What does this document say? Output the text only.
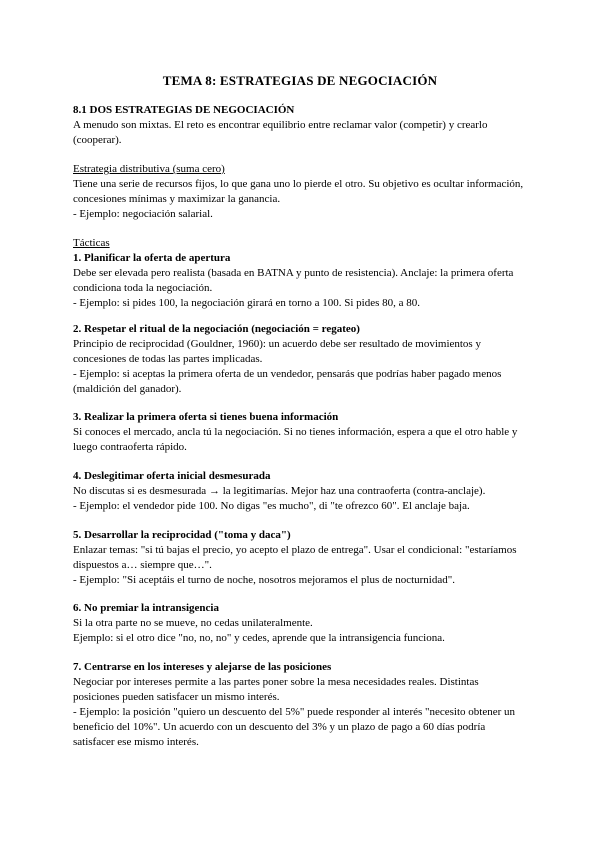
TEMA 8: ESTRATEGIAS DE NEGOCIACIÓN
8.1 DOS ESTRATEGIAS DE NEGOCIACIÓN
A menudo son mixtas. El reto es encontrar equilibrio entre reclamar valor (competir) y crearlo
(cooperar).
Estrategia distributiva (suma cero)
Tiene una serie de recursos fijos, lo que gana uno lo pierde el otro. Su objetivo es ocultar información,
concesiones mínimas y maximizar la ganancia.
- Ejemplo: negociación salarial.
Tácticas
1. Planificar la oferta de apertura
Debe ser elevada pero realista (basada en BATNA y punto de resistencia). Anclaje: la primera oferta
condiciona toda la negociación.
- Ejemplo: si pides 100, la negociación girará en torno a 100. Si pides 80, a 80.
2. Respetar el ritual de la negociación (negociación = regateo)
Principio de reciprocidad (Gouldner, 1960): un acuerdo debe ser resultado de movimientos y
concesiones de todas las partes implicadas.
- Ejemplo: si aceptas la primera oferta de un vendedor, pensarás que podrías haber pagado menos
(maldición del ganador).
3. Realizar la primera oferta si tienes buena información
Si conoces el mercado, ancla tú la negociación. Si no tienes información, espera a que el otro hable y
luego contraoferta rápido.
4. Deslegitimar oferta inicial desmesurada
No discutas si es desmesurada → la legitimarías. Mejor haz una contraoferta (contra-anclaje).
- Ejemplo: el vendedor pide 100. No digas "es mucho", di "te ofrezco 60". El anclaje baja.
5. Desarrollar la reciprocidad ("toma y daca")
Enlazar temas: "si tú bajas el precio, yo acepto el plazo de entrega". Usar el condicional: "estaríamos
dispuestos a… siempre que…".
- Ejemplo: "Si aceptáis el turno de noche, nosotros mejoramos el plus de nocturnidad".
6. No premiar la intransigencia
Si la otra parte no se mueve, no cedas unilateralmente.
Ejemplo: si el otro dice "no, no, no" y cedes, aprende que la intransigencia funciona.
7. Centrarse en los intereses y alejarse de las posiciones
Negociar por intereses permite a las partes poner sobre la mesa necesidades reales. Distintas
posiciones pueden satisfacer un mismo interés.
- Ejemplo: la posición "quiero un descuento del 5%" puede responder al interés "necesito obtener un
beneficio del 10%". Un acuerdo con un descuento del 3% y un plazo de pago a 60 días podría
satisfacer ese mismo interés.
